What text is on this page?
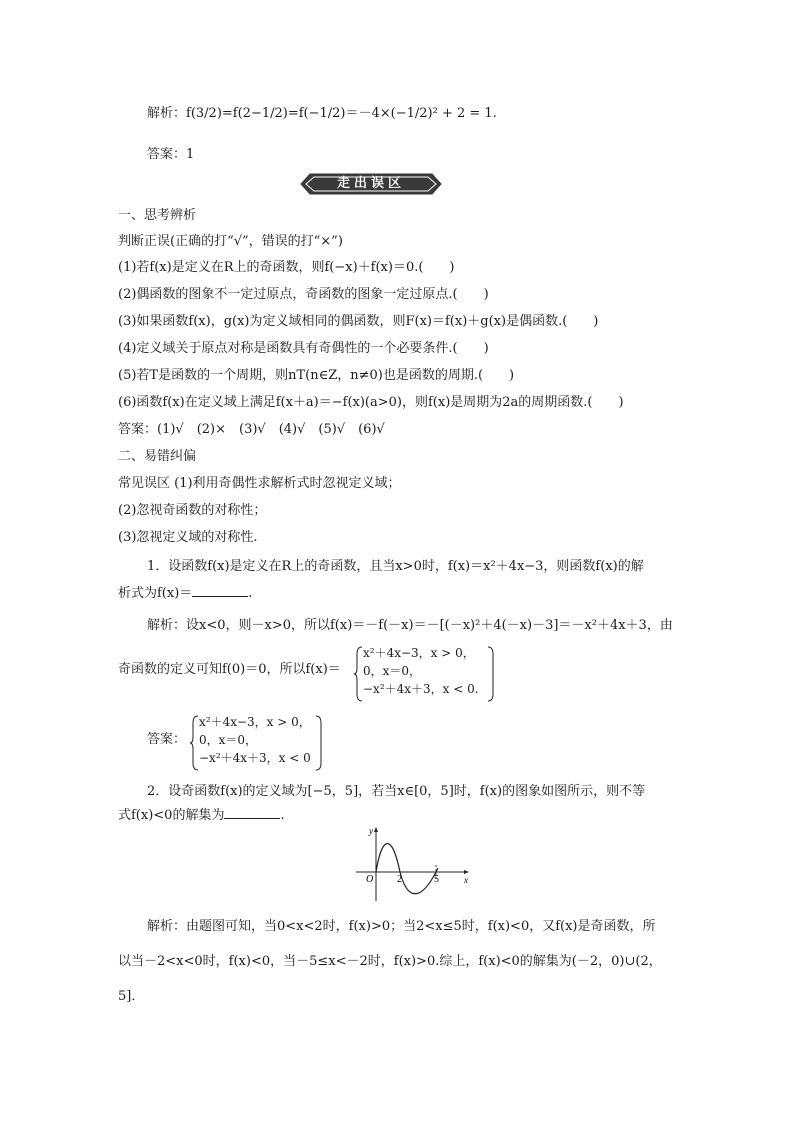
解析：f(3/2)=f(2−1/2)=f(−1/2)＝－4×(−1/2)² + 2 = 1.
答案：1
走出误区
一、思考辨析
判断正误(正确的打“√”，错误的打“×”)
(1)若f(x)是定义在R上的奇函数，则f(−x)＋f(x)＝0.(　　)
(2)偶函数的图象不一定过原点，奇函数的图象一定过原点.(　　)
(3)如果函数f(x)，g(x)为定义域相同的偶函数，则F(x)＝f(x)＋g(x)是偶函数.(　　)
(4)定义域关于原点对称是函数具有奇偶性的一个必要条件.(　　)
(5)若T是函数的一个周期，则nT(n∈Z，n≠0)也是函数的周期.(　　)
(6)函数f(x)在定义域上满足f(x＋a)＝−f(x)(a>0)，则f(x)是周期为2a的周期函数.(　　)
答案：(1)√　(2)×　(3)√　(4)√　(5)√　(6)√
二、易错纠偏
常见误区 (1)利用奇偶性求解析式时忽视定义域；
(2)忽视奇函数的对称性；
(3)忽视定义域的对称性.
1．设函数f(x)是定义在R上的奇函数，且当x>0时，f(x)＝x²＋4x−3，则函数f(x)的解
析式为f(x)＝	.
解析：设x<0，则－x>0，所以f(x)＝－f(－x)＝－[(－x)²＋4(－x)－3]＝－x²＋4x＋3，由
奇函数的定义可知f(0)＝0，所以f(x)＝
x²＋4x−3，x > 0，
0，x＝0，
−x²＋4x＋3，x < 0.
答案：
x²＋4x−3，x > 0，
0，x＝0，
−x²＋4x＋3，x < 0
2．设奇函数f(x)的定义域为[−5，5]，若当x∈[0，5]时，f(x)的图象如图所示，则不等
式f(x)<0的解集为	.
y
x
O 2	5
解析：由题图可知，当0<x<2时，f(x)>0；当2<x≤5时，f(x)<0，又f(x)是奇函数，所
以当－2<x<0时，f(x)<0，当－5≤x<－2时，f(x)>0.综上，f(x)<0的解集为(－2，0)∪(2，
5]．
